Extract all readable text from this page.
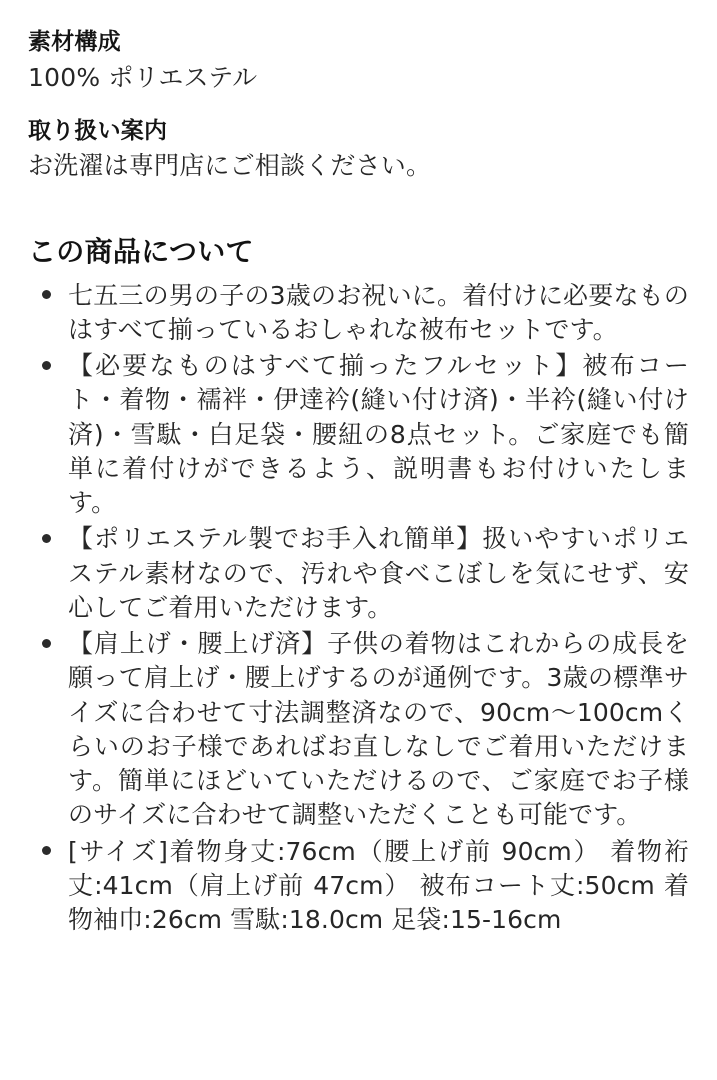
素材構成
100% ポリエステル
取り扱い案内
お洗濯は専門店にご相談ください。
この商品について
七五三の男の子の3歳のお祝いに。着付けに必要なものはすべて揃っているおしゃれな被布セットです。
【必要なものはすべて揃ったフルセット】被布コート・着物・襦袢・伊達衿(縫い付け済)・半衿(縫い付け済)・雪駄・白足袋・腰紐の8点セット。ご家庭でも簡単に着付けができるよう、説明書もお付けいたします。
【ポリエステル製でお手入れ簡単】扱いやすいポリエステル素材なので、汚れや食べこぼしを気にせず、安心してご着用いただけます。
【肩上げ・腰上げ済】子供の着物はこれからの成長を願って肩上げ・腰上げするのが通例です。3歳の標準サイズに合わせて寸法調整済なので、90cm〜100cmくらいのお子様であればお直しなしでご着用いただけます。簡単にほどいていただけるので、ご家庭でお子様のサイズに合わせて調整いただくことも可能です。
[サイズ]着物身丈:76cm（腰上げ前 90cm） 着物裄丈:41cm（肩上げ前 47cm） 被布コート丈:50cm 着物袖巾:26cm 雪駄:18.0cm 足袋:15-16cm
